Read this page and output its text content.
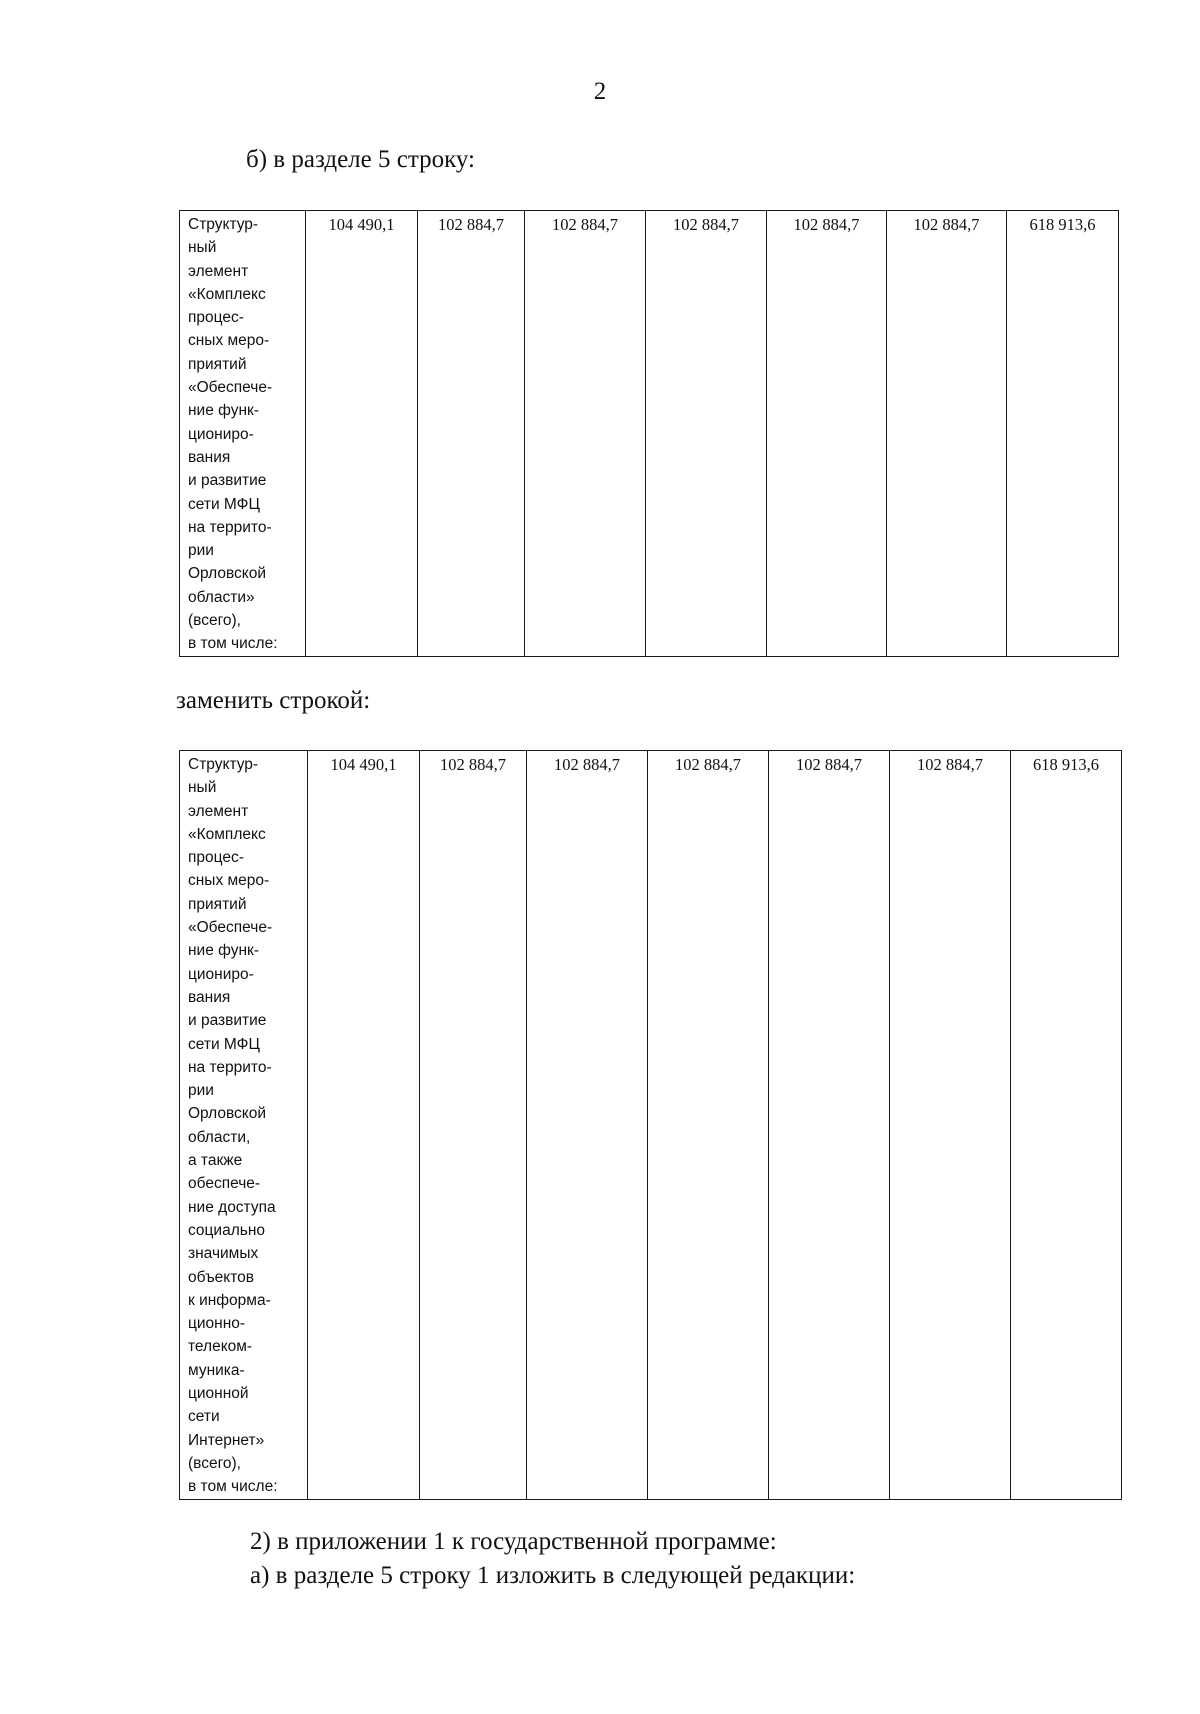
2
б) в разделе 5 строку:
Структур-
ный
элемент
«Комплекс
процес-
сных меро-
приятий
«Обеспече-
ние функ-
циониро-
вания
и развитие
сети МФЦ
на террито-
рии
Орловской
области»
(всего),
в том числе:	104 490,1	102 884,7	102 884,7	102 884,7	102 884,7	102 884,7	618 913,6
заменить строкой:
Структур-
ный
элемент
«Комплекс
процес-
сных меро-
приятий
«Обеспече-
ние функ-
циониро-
вания
и развитие
сети МФЦ
на террито-
рии
Орловской
области,
а также
обеспече-
ние доступа
социально
значимых
объектов
к информа-
ционно-
телеком-
муника-
ционной
сети
Интернет»
(всего),
в том числе:	104 490,1	102 884,7	102 884,7	102 884,7	102 884,7	102 884,7	618 913,6
2) в приложении 1 к государственной программе:
а) в разделе 5 строку 1 изложить в следующей редакции:
